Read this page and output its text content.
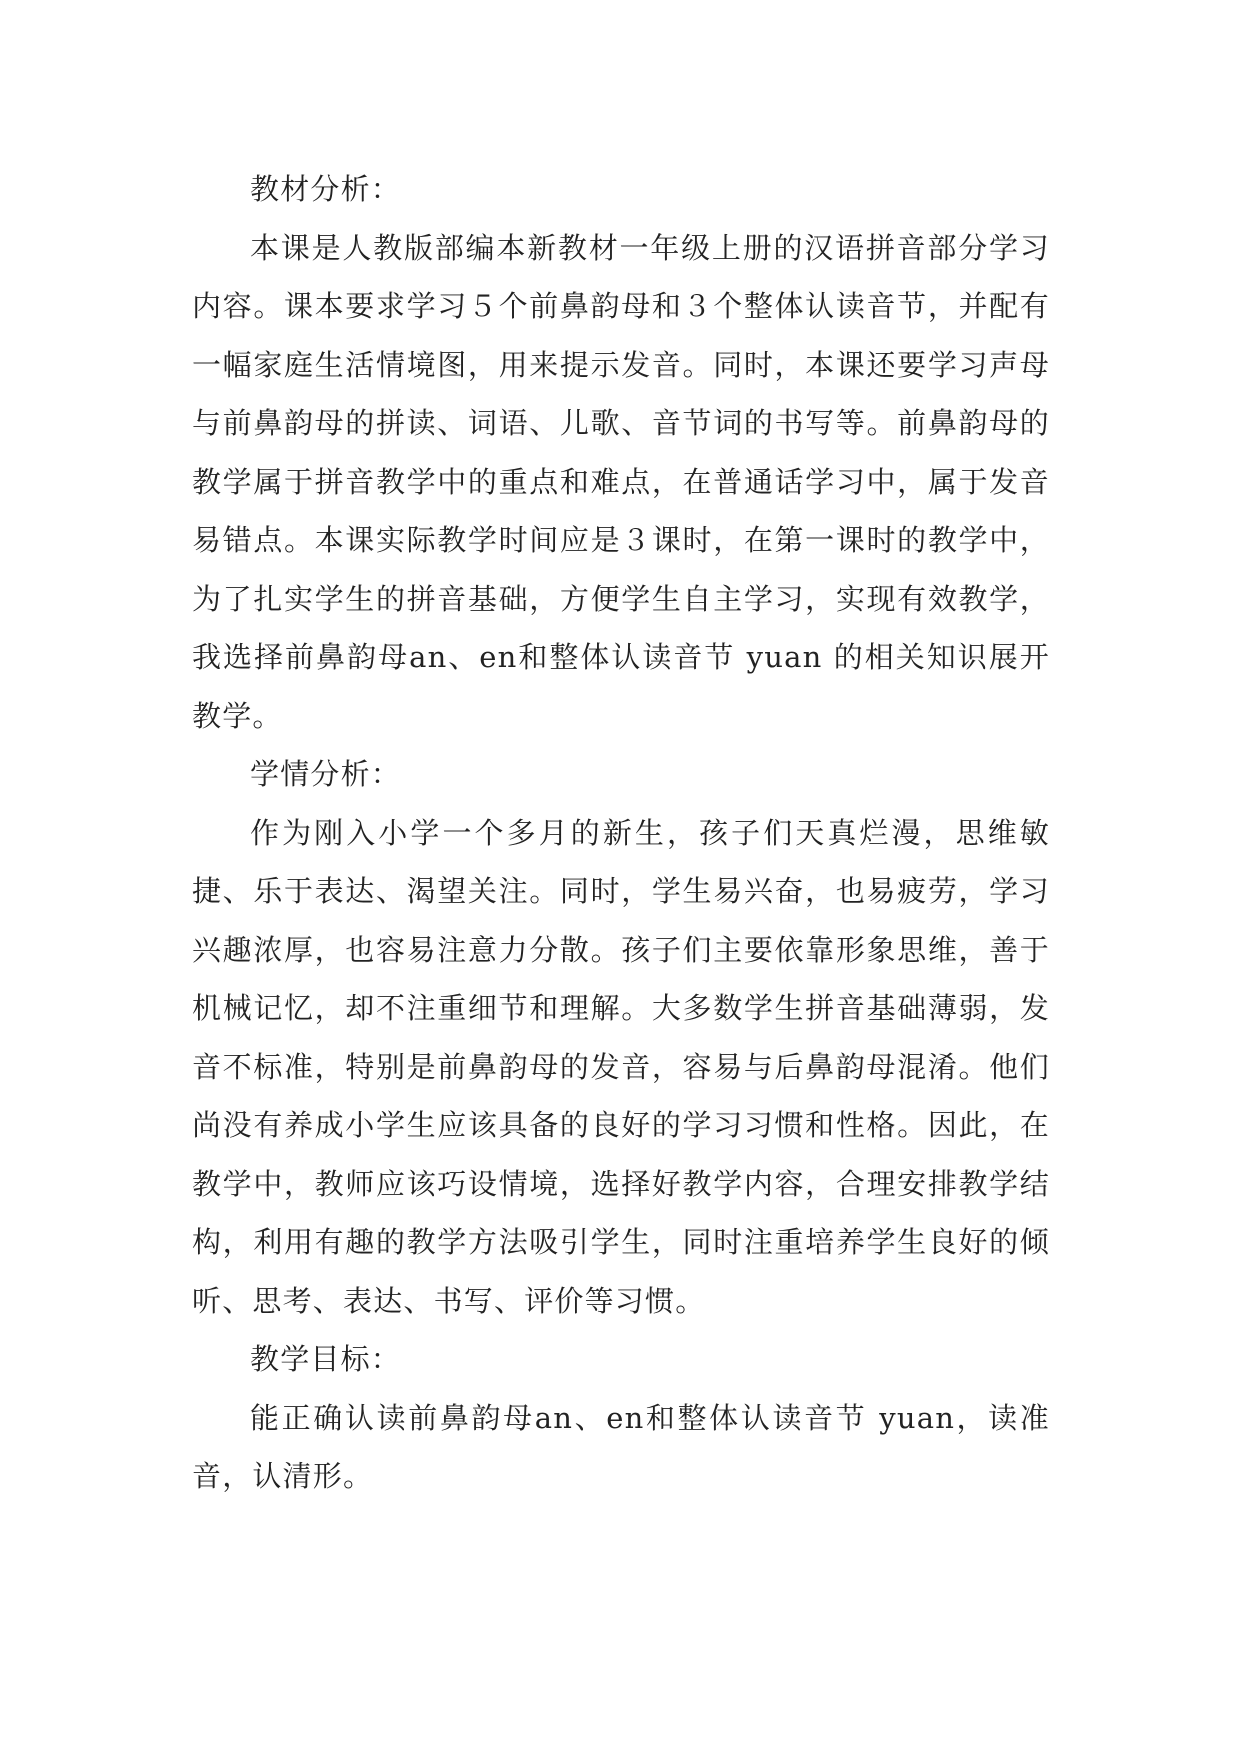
教材分析：

本课是人教版部编本新教材一年级上册的汉语拼音部分学习内容。课本要求学习５个前鼻韵母和３个整体认读音节，并配有一幅家庭生活情境图，用来提示发音。同时，本课还要学习声母与前鼻韵母的拼读、词语、儿歌、音节词的书写等。前鼻韵母的教学属于拼音教学中的重点和难点，在普通话学习中，属于发音易错点。本课实际教学时间应是３课时，在第一课时的教学中，为了扎实学生的拼音基础，方便学生自主学习，实现有效教学，我选择前鼻韵母an、en和整体认读音节 yuan 的相关知识展开教学。

学情分析：

作为刚入小学一个多月的新生，孩子们天真烂漫，思维敏捷、乐于表达、渴望关注。同时，学生易兴奋，也易疲劳，学习兴趣浓厚，也容易注意力分散。孩子们主要依靠形象思维，善于机械记忆，却不注重细节和理解。大多数学生拼音基础薄弱，发音不标准，特别是前鼻韵母的发音，容易与后鼻韵母混淆。他们尚没有养成小学生应该具备的良好的学习习惯和性格。因此，在教学中，教师应该巧设情境，选择好教学内容，合理安排教学结构，利用有趣的教学方法吸引学生，同时注重培养学生良好的倾听、思考、表达、书写、评价等习惯。

教学目标：

能正确认读前鼻韵母an、en和整体认读音节 yuan，读准音，认清形。
